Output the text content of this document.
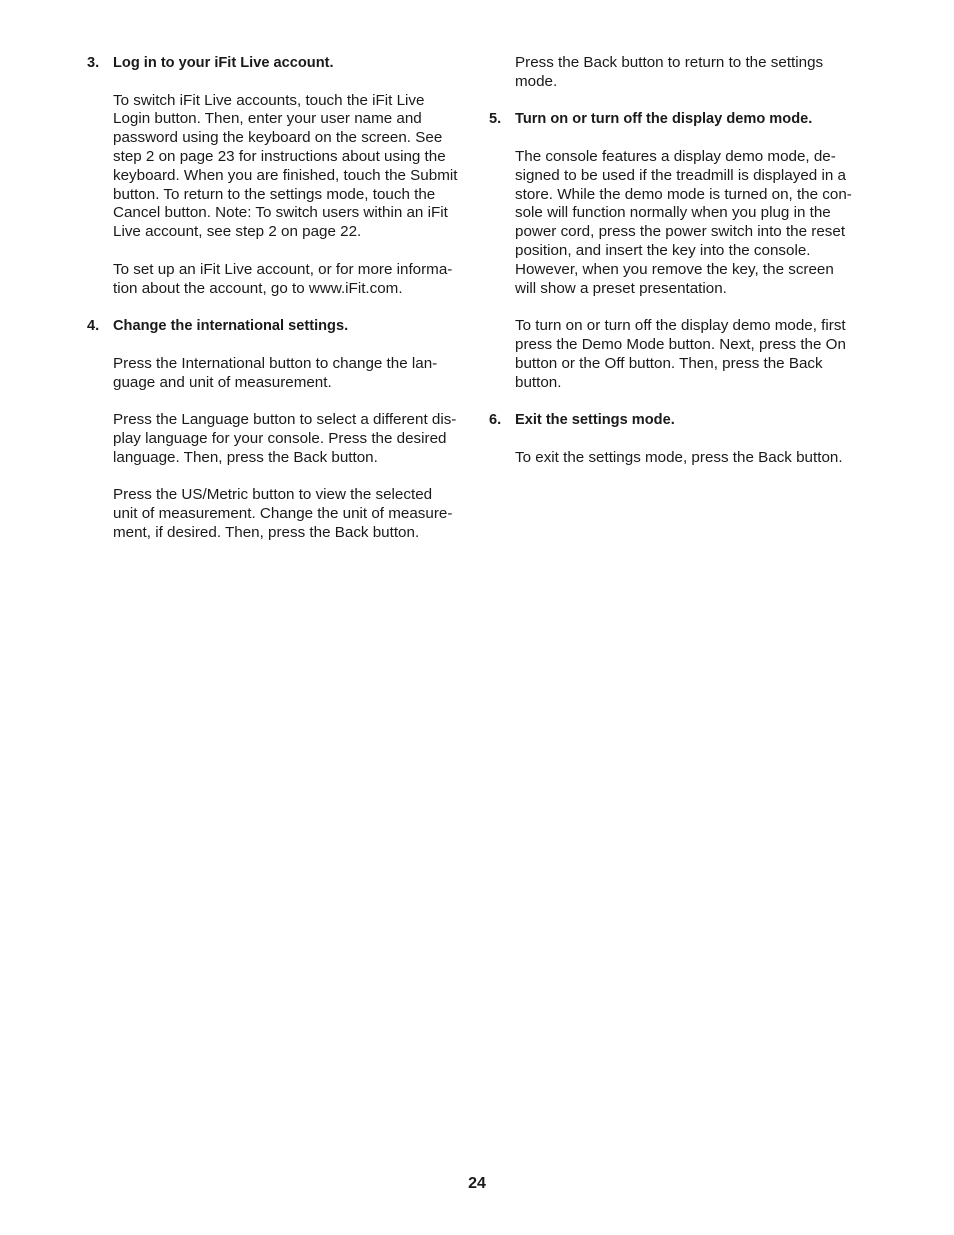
3. Log in to your iFit Live account.

To switch iFit Live accounts, touch the iFit Live
Login button. Then, enter your user name and
password using the keyboard on the screen. See
step 2 on page 23 for instructions about using the
keyboard. When you are finished, touch the Submit
button. To return to the settings mode, touch the
Cancel button. Note: To switch users within an iFit
Live account, see step 2 on page 22.

To set up an iFit Live account, or for more informa-
tion about the account, go to www.iFit.com.

4. Change the international settings.

Press the International button to change the lan-
guage and unit of measurement.

Press the Language button to select a different dis-
play language for your console. Press the desired
language. Then, press the Back button.

Press the US/Metric button to view the selected
unit of measurement. Change the unit of measure-
ment, if desired. Then, press the Back button.

Press the Back button to return to the settings
mode.

5. Turn on or turn off the display demo mode.

The console features a display demo mode, de-
signed to be used if the treadmill is displayed in a
store. While the demo mode is turned on, the con-
sole will function normally when you plug in the
power cord, press the power switch into the reset
position, and insert the key into the console.
However, when you remove the key, the screen
will show a preset presentation.

To turn on or turn off the display demo mode, first
press the Demo Mode button. Next, press the On
button or the Off button. Then, press the Back
button.

6. Exit the settings mode.

To exit the settings mode, press the Back button.

24
